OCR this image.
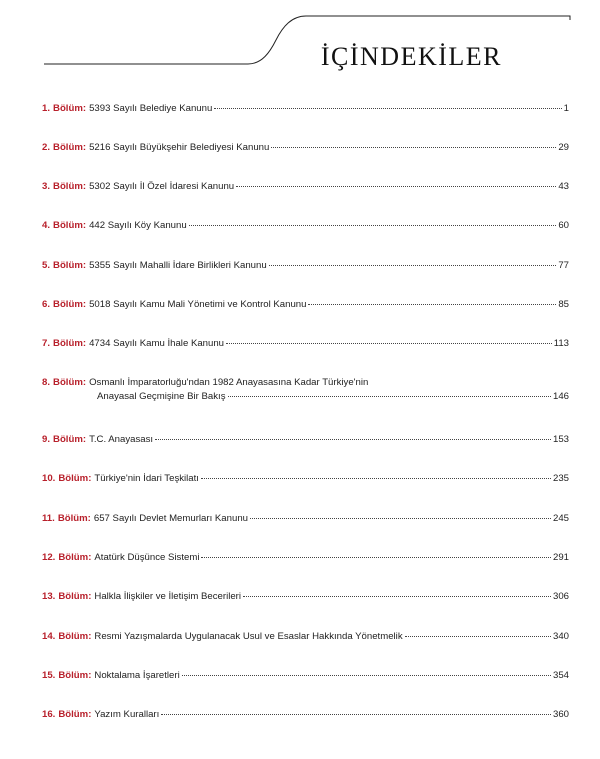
İÇİNDEKİLER
1. Bölüm : 5393 Sayılı Belediye Kanunu	1
2. Bölüm : 5216 Sayılı Büyükşehir Belediyesi Kanunu	29
3. Bölüm : 5302 Sayılı İl Özel İdaresi Kanunu	43
4. Bölüm : 442 Sayılı Köy Kanunu	60
5. Bölüm : 5355 Sayılı Mahalli İdare Birlikleri Kanunu	77
6. Bölüm : 5018 Sayılı Kamu Mali Yönetimi ve Kontrol Kanunu	85
7. Bölüm : 4734 Sayılı Kamu İhale Kanunu	113
8. Bölüm : Osmanlı İmparatorluğu'ndan 1982 Anayasasına Kadar Türkiye'nin
Anayasal Geçmişine Bir Bakış	146
9. Bölüm : T.C. Anayasası	153
10. Bölüm : Türkiye'nin İdari Teşkilatı	235
11. Bölüm : 657 Sayılı Devlet Memurları Kanunu	245
12. Bölüm : Atatürk Düşünce Sistemi	291
13. Bölüm : Halkla İlişkiler ve İletişim Becerileri	306
14. Bölüm : Resmi Yazışmalarda Uygulanacak Usul ve Esaslar Hakkında Yönetmelik	340
15. Bölüm : Noktalama İşaretleri	354
16. Bölüm : Yazım Kuralları	360
